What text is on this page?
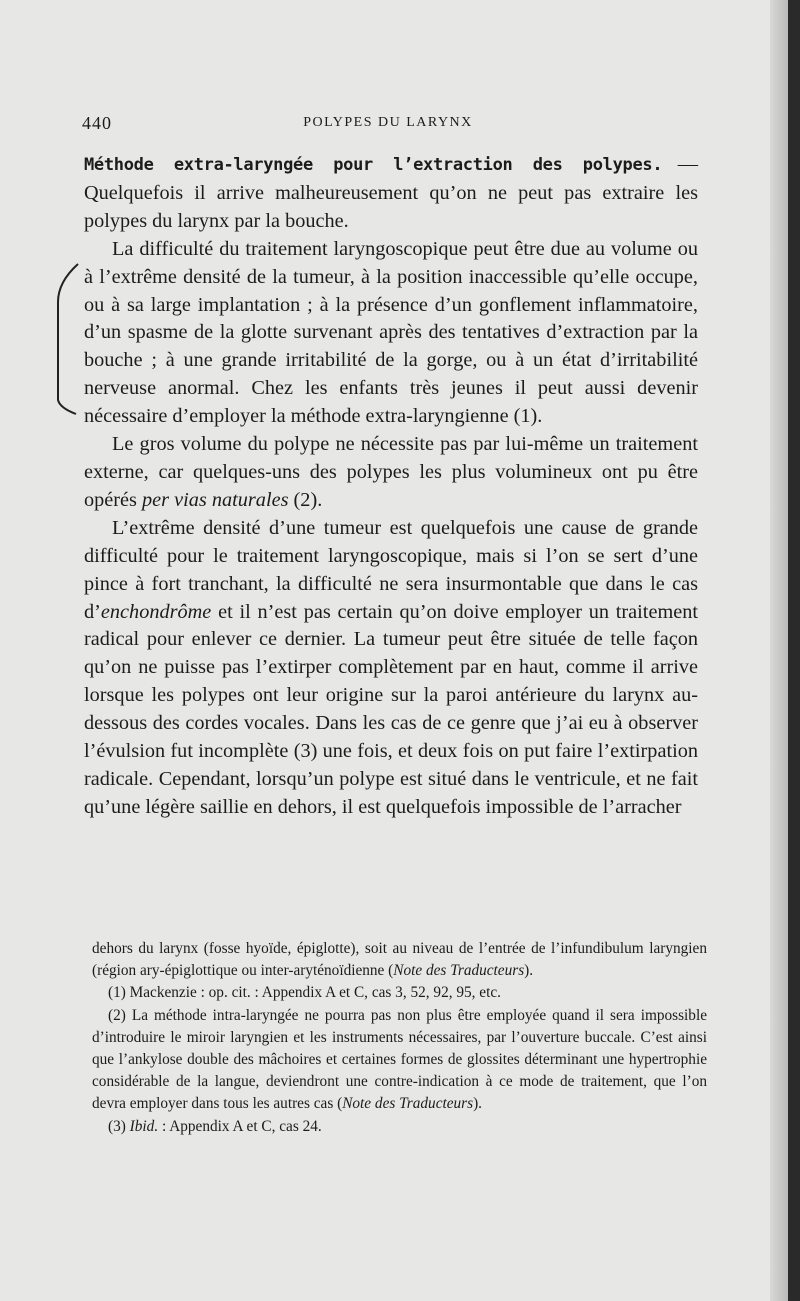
440	POLYPES DU LARYNX

Méthode extra-laryngée pour l’extraction des polypes. — Quelquefois il arrive malheureusement qu’on ne peut pas extraire les polypes du larynx par la bouche.

La difficulté du traitement laryngoscopique peut être due au volume ou à l’extrême densité de la tumeur, à la position inaccessible qu’elle occupe, ou à sa large implantation ; à la présence d’un gonflement inflammatoire, d’un spasme de la glotte survenant après des tentatives d’extraction par la bouche ; à une grande irritabilité de la gorge, ou à un état d’irritabilité nerveuse anormal. Chez les enfants très jeunes il peut aussi devenir nécessaire d’employer la méthode extra-laryngienne (1).

Le gros volume du polype ne nécessite pas par lui-même un traitement externe, car quelques-uns des polypes les plus volumineux ont pu être opérés per vias naturales (2).

L’extrême densité d’une tumeur est quelquefois une cause de grande difficulté pour le traitement laryngoscopique, mais si l’on se sert d’une pince à fort tranchant, la difficulté ne sera insurmontable que dans le cas d’enchondrôme et il n’est pas certain qu’on doive employer un traitement radical pour enlever ce dernier. La tumeur peut être située de telle façon qu’on ne puisse pas l’extirper complètement par en haut, comme il arrive lorsque les polypes ont leur origine sur la paroi antérieure du larynx au-dessous des cordes vocales. Dans les cas de ce genre que j’ai eu à observer l’évulsion fut incomplète (3) une fois, et deux fois on put faire l’extirpation radicale. Cependant, lorsqu’un polype est situé dans le ventricule, et ne fait qu’une légère saillie en dehors, il est quelquefois impossible de l’arracher

dehors du larynx (fosse hyoïde, épiglotte), soit au niveau de l’entrée de l’infundibulum laryngien (région ary-épiglottique ou inter-aryténoïdienne (Note des Traducteurs).

(1) Mackenzie : op. cit. : Appendix A et C, cas 3, 52, 92, 95, etc.

(2) La méthode intra-laryngée ne pourra pas non plus être employée quand il sera impossible d’introduire le miroir laryngien et les instruments nécessaires, par l’ouverture buccale. C’est ainsi que l’ankylose double des mâchoires et certaines formes de glossites déterminant une hypertrophie considérable de la langue, deviendront une contre-indication à ce mode de traitement, que l’on devra employer dans tous les autres cas (Note des Traducteurs).

(3) Ibid. : Appendix A et C, cas 24.
